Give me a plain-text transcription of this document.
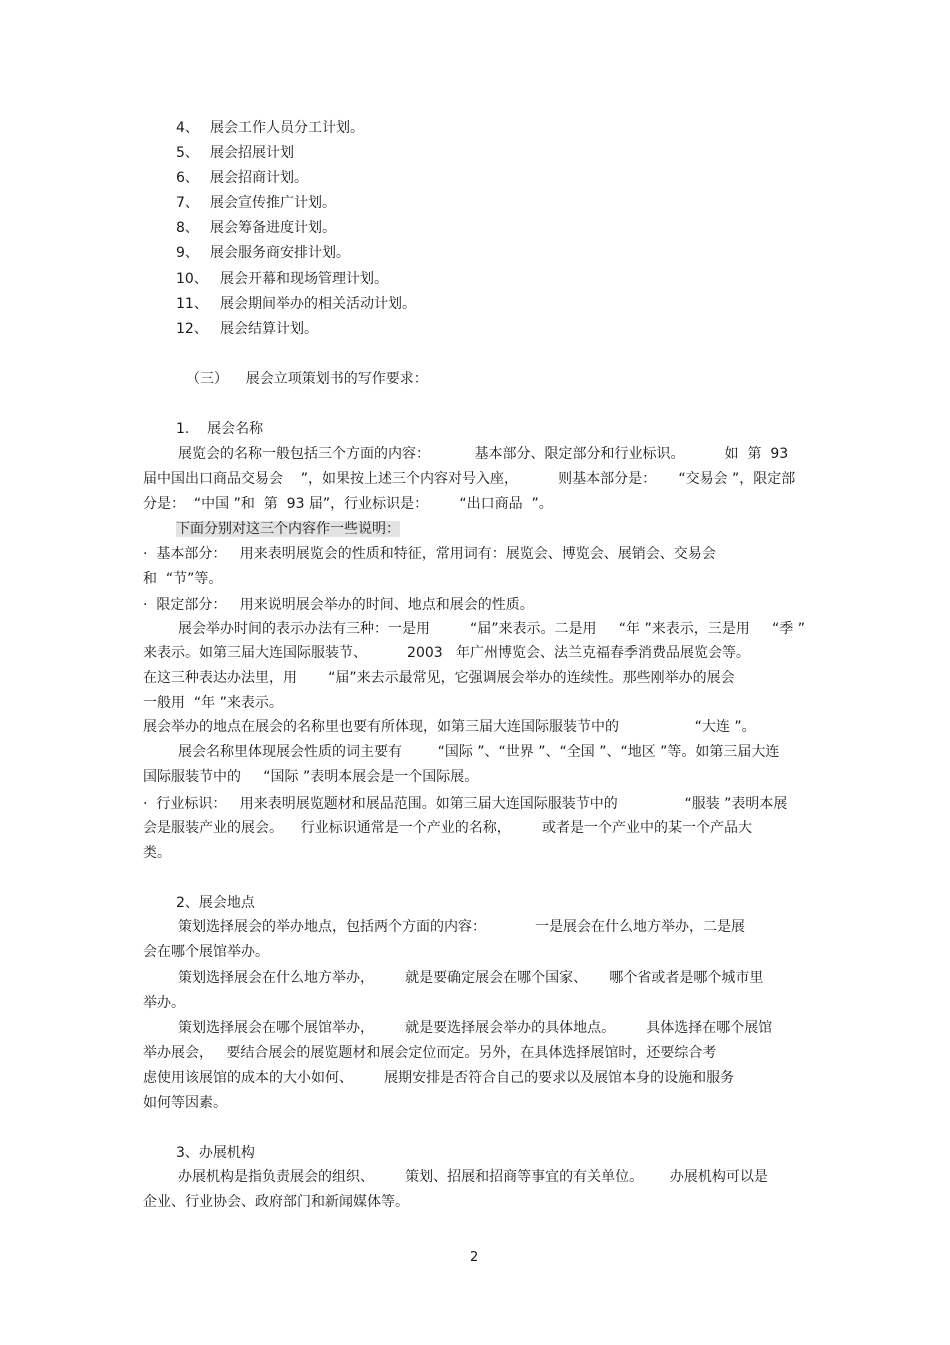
4、 展会工作人员分工计划。
5、 展会招展计划
6、 展会招商计划。
7、 展会宣传推广计划。
8、 展会筹备进度计划。
9、 展会服务商安排计划。
10、 展会开幕和现场管理计划。
11、 展会期间举办的相关活动计划。
12、 展会结算计划。
（三）    展会立项策划书的写作要求：
1.    展会名称
展览会的名称一般包括三个方面的内容：          基本部分、限定部分和行业标识。         如  第  93
届中国出口商品交易会    ”，如果按上述三个内容对号入座，         则基本部分是：     “交易会 ”，限定部
分是：  “中国 ”和  第  93 届”，行业标识是：       “出口商品  ”。
下面分别对这三个内容作一些说明：
·  基本部分：   用来表明展览会的性质和特征，常用词有：展览会、博览会、展销会、交易会
和  “节”等。
·  限定部分：   用来说明展会举办的时间、地点和展会的性质。
展会举办时间的表示办法有三种：一是用         “届”来表示。二是用     “年 ”来表示，三是用     “季 ”
来表示。如第三届大连国际服装节、         2003   年广州博览会、法兰克福春季消费品展览会等。
在这三种表达办法里，用       “届”来去示最常见，它强调展会举办的连续性。那些刚举办的展会
一般用  “年 ”来表示。
展会举办的地点在展会的名称里也要有所体现，如第三届大连国际服装节中的                 “大连 ”。
展会名称里体现展会性质的词主要有        “国际 ”、“世界 ”、“全国 ”、“地区 ”等。如第三届大连
国际服装节中的     “国际 ”表明本展会是一个国际展。
·  行业标识：   用来表明展览题材和展品范围。如第三届大连国际服装节中的               “服装 ”表明本展
会是服装产业的展会。    行业标识通常是一个产业的名称，       或者是一个产业中的某一个产品大
类。
2、展会地点
策划选择展会的举办地点，包括两个方面的内容：           一是展会在什么地方举办，二是展
会在哪个展馆举办。
策划选择展会在什么地方举办，       就是要确定展会在哪个国家、     哪个省或者是哪个城市里
举办。
策划选择展会在哪个展馆举办，       就是要选择展会举办的具体地点。       具体选择在哪个展馆
举办展会，   要结合展会的展览题材和展会定位而定。另外，在具体选择展馆时，还要综合考
虑使用该展馆的成本的大小如何、       展期安排是否符合自己的要求以及展馆本身的设施和服务
如何等因素。
3、办展机构
办展机构是指负责展会的组织、       策划、招展和招商等事宜的有关单位。      办展机构可以是
企业、行业协会、政府部门和新闻媒体等。
2
